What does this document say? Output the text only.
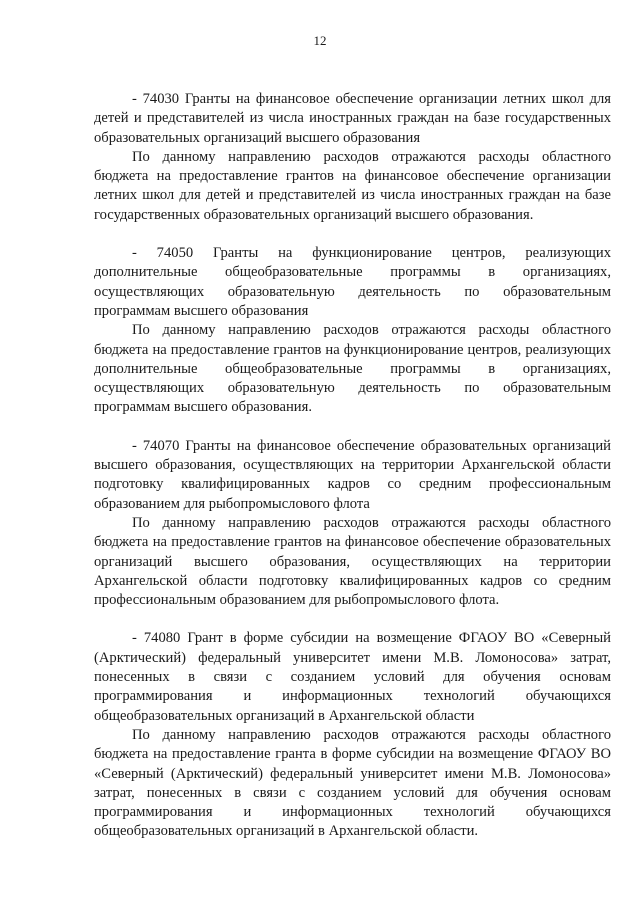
12

- 74030 Гранты на финансовое обеспечение организации летних школ для детей и представителей из числа иностранных граждан на базе государственных образовательных организаций высшего образования

По данному направлению расходов отражаются расходы областного бюджета на предоставление грантов на финансовое обеспечение организации летних школ для детей и представителей из числа иностранных граждан на базе государственных образовательных организаций высшего образования.

- 74050 Гранты на функционирование центров, реализующих дополнительные общеобразовательные программы в организациях, осуществляющих образовательную деятельность по образовательным программам высшего образования

По данному направлению расходов отражаются расходы областного бюджета на предоставление грантов на функционирование центров, реализующих дополнительные общеобразовательные программы в организациях, осуществляющих образовательную деятельность по образовательным программам высшего образования.

- 74070 Гранты на финансовое обеспечение образовательных организаций высшего образования, осуществляющих на территории Архангельской области подготовку квалифицированных кадров со средним профессиональным образованием для рыбопромыслового флота

По данному направлению расходов отражаются расходы областного бюджета на предоставление грантов на финансовое обеспечение образовательных организаций высшего образования, осуществляющих на территории Архангельской области подготовку квалифицированных кадров со средним профессиональным образованием для рыбопромыслового флота.

- 74080 Грант в форме субсидии на возмещение ФГАОУ ВО «Северный (Арктический) федеральный университет имени М.В. Ломоносова» затрат, понесенных в связи с созданием условий для обучения основам программирования и информационных технологий обучающихся общеобразовательных организаций в Архангельской области

По данному направлению расходов отражаются расходы областного бюджета на предоставление гранта в форме субсидии на возмещение ФГАОУ ВО «Северный (Арктический) федеральный университет имени М.В. Ломоносова» затрат, понесенных в связи с созданием условий для обучения основам программирования и информационных технологий обучающихся общеобразовательных организаций в Архангельской области.
